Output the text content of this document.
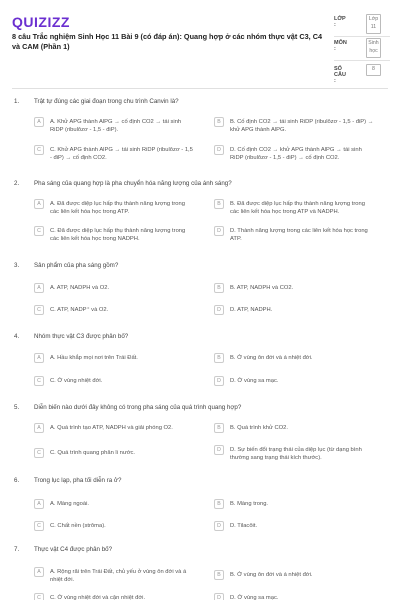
QUIZIZZ
8 câu Trắc nghiệm Sinh Học 11 Bài 9 (có đáp án): Quang hợp ở các nhóm thực vật C3, C4 và CAM (Phần 1)
LỚP :
Lớp 11
MÔN :
Sinh học
SỐ CÂU :
8
1. Trật tự đúng các giai đoạn trong chu trình Canvin là?
A	A. Khử APG thành AlPG → cố định CO2 → tái sinh RiDP (ribulôzơ - 1,5 - điP).
B	B. Cố định CO2 → tái sinh RiDP (ribulôzơ - 1,5 - điP) → khử APG thành AlPG.
C	C. Khử APG thành AlPG → tái sinh RiDP (ribulôzơ - 1,5 - điP) → cố định CO2.
D	D. Cố định CO2 → khử APG thành AlPG → tái sinh RiDP (ribulôzơ - 1,5 - điP) → cố định CO2.
2. Pha sáng của quang hợp là pha chuyển hóa năng lượng của ánh sáng?
A	A. Đã được diệp lục hấp thụ thành năng lượng trong các liên kết hóa học trong ATP.
B	B. Đã được diệp lục hấp thụ thành năng lượng trong các liên kết hóa học trong ATP và NADPH.
C	C. Đã được diệp lục hấp thụ thành năng lượng trong các liên kết hóa học trong NADPH.
D	D. Thành năng lượng trong các liên kết hóa học trong ATP.
3. Sản phẩm của pha sáng gồm?
A	A. ATP, NADPH và O2.	B	B. ATP, NADPH và CO2.
C	C. ATP, NADP⁺ và O2.	D	D. ATP, NADPH.
4. Nhóm thực vật C3 được phân bố?
A	A. Hầu khắp mọi nơi trên Trái Đất.	B	B. Ở vùng ôn đới và á nhiệt đới.
C	C. Ở vùng nhiệt đới.	D	D. Ở vùng sa mạc.
5. Diễn biến nào dưới đây không có trong pha sáng của quá trình quang hợp?
A	A. Quá trình tạo ATP, NADPH và giải phóng O2.	B	B. Quá trình khử CO2.
C	C. Quá trình quang phân li nước.	D	D. Sự biến đổi trạng thái của diệp lục (từ dạng bình thường sang trạng thái kích thước).
6. Trong lục lạp, pha tối diễn ra ở?
A	A. Màng ngoài.	B	B. Màng trong.
C	C. Chất nền (strôma).	D	D. Tilacôit.
7. Thực vật C4 được phân bố?
A	A. Rộng rãi trên Trái Đất, chủ yếu ở vùng ôn đới và á nhiệt đới.
B	B. Ở vùng ôn đới và á nhiệt đới.
C	C. Ở vùng nhiệt đới và cận nhiệt đới.	D	D. Ở vùng sa mạc.
